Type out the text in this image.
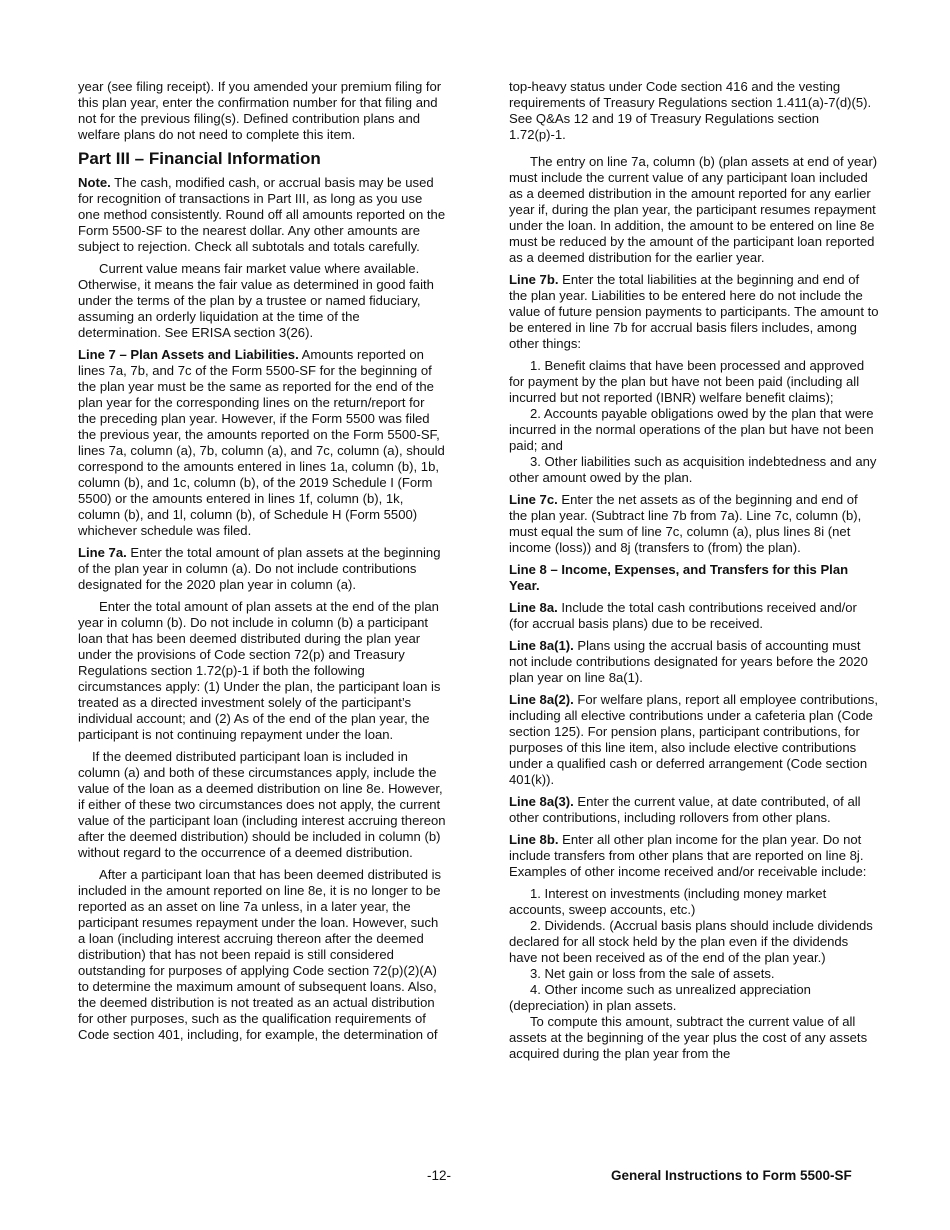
year (see filing receipt). If you amended your premium filing for this plan year, enter the confirmation number for that filing and not for the previous filing(s). Defined contribution plans and welfare plans do not need to complete this item.

Part III – Financial Information

Note. The cash, modified cash, or accrual basis may be used for recognition of transactions in Part III, as long as you use one method consistently. Round off all amounts reported on the Form 5500-SF to the nearest dollar. Any other amounts are subject to rejection. Check all subtotals and totals carefully.

Current value means fair market value where available. Otherwise, it means the fair value as determined in good faith under the terms of the plan by a trustee or named fiduciary, assuming an orderly liquidation at the time of the determination. See ERISA section 3(26).

Line 7 – Plan Assets and Liabilities. Amounts reported on lines 7a, 7b, and 7c of the Form 5500-SF for the beginning of the plan year must be the same as reported for the end of the plan year for the corresponding lines on the return/report for the preceding plan year. However, if the Form 5500 was filed the previous year, the amounts reported on the Form 5500-SF, lines 7a, column (a), 7b, column (a), and 7c, column (a), should correspond to the amounts entered in lines 1a, column (b), 1b, column (b), and 1c, column (b), of the 2019 Schedule I (Form 5500) or the amounts entered in lines 1f, column (b), 1k, column (b), and 1l, column (b), of Schedule H (Form 5500) whichever schedule was filed.

Line 7a. Enter the total amount of plan assets at the beginning of the plan year in column (a). Do not include contributions designated for the 2020 plan year in column (a).

Enter the total amount of plan assets at the end of the plan year in column (b). Do not include in column (b) a participant loan that has been deemed distributed during the plan year under the provisions of Code section 72(p) and Treasury Regulations section 1.72(p)-1 if both the following circumstances apply: (1) Under the plan, the participant loan is treated as a directed investment solely of the participant’s individual account; and (2) As of the end of the plan year, the participant is not continuing repayment under the loan.

If the deemed distributed participant loan is included in column (a) and both of these circumstances apply, include the value of the loan as a deemed distribution on line 8e. However, if either of these two circumstances does not apply, the current value of the participant loan (including interest accruing thereon after the deemed distribution) should be included in column (b) without regard to the occurrence of a deemed distribution.

After a participant loan that has been deemed distributed is included in the amount reported on line 8e, it is no longer to be reported as an asset on line 7a unless, in a later year, the participant resumes repayment under the loan. However, such a loan (including interest accruing thereon after the deemed distribution) that has not been repaid is still considered outstanding for purposes of applying Code section 72(p)(2)(A) to determine the maximum amount of subsequent loans. Also, the deemed distribution is not treated as an actual distribution for other purposes, such as the qualification requirements of Code section 401, including, for example, the determination of

top-heavy status under Code section 416 and the vesting requirements of Treasury Regulations section 1.411(a)-7(d)(5). See Q&As 12 and 19 of Treasury Regulations section 1.72(p)-1.

The entry on line 7a, column (b) (plan assets at end of year) must include the current value of any participant loan included as a deemed distribution in the amount reported for any earlier year if, during the plan year, the participant resumes repayment under the loan. In addition, the amount to be entered on line 8e must be reduced by the amount of the participant loan reported as a deemed distribution for the earlier year.

Line 7b. Enter the total liabilities at the beginning and end of the plan year. Liabilities to be entered here do not include the value of future pension payments to participants. The amount to be entered in line 7b for accrual basis filers includes, among other things:

1. Benefit claims that have been processed and approved for payment by the plan but have not been paid (including all incurred but not reported (IBNR) welfare benefit claims);

2. Accounts payable obligations owed by the plan that were incurred in the normal operations of the plan but have not been paid; and

3. Other liabilities such as acquisition indebtedness and any other amount owed by the plan.

Line 7c. Enter the net assets as of the beginning and end of the plan year. (Subtract line 7b from 7a). Line 7c, column (b), must equal the sum of line 7c, column (a), plus lines 8i (net income (loss)) and 8j (transfers to (from) the plan).

Line 8 – Income, Expenses, and Transfers for this Plan Year.

Line 8a. Include the total cash contributions received and/or (for accrual basis plans) due to be received.

Line 8a(1). Plans using the accrual basis of accounting must not include contributions designated for years before the 2020 plan year on line 8a(1).

Line 8a(2). For welfare plans, report all employee contributions, including all elective contributions under a cafeteria plan (Code section 125). For pension plans, participant contributions, for purposes of this line item, also include elective contributions under a qualified cash or deferred arrangement (Code section 401(k)).

Line 8a(3). Enter the current value, at date contributed, of all other contributions, including rollovers from other plans.

Line 8b. Enter all other plan income for the plan year. Do not include transfers from other plans that are reported on line 8j. Examples of other income received and/or receivable include:

1. Interest on investments (including money market accounts, sweep accounts, etc.)

2. Dividends. (Accrual basis plans should include dividends declared for all stock held by the plan even if the dividends have not been received as of the end of the plan year.)

3. Net gain or loss from the sale of assets.

4. Other income such as unrealized appreciation (depreciation) in plan assets.

To compute this amount, subtract the current value of all assets at the beginning of the year plus the cost of any assets acquired during the plan year from the

-12-	General Instructions to Form 5500-SF
